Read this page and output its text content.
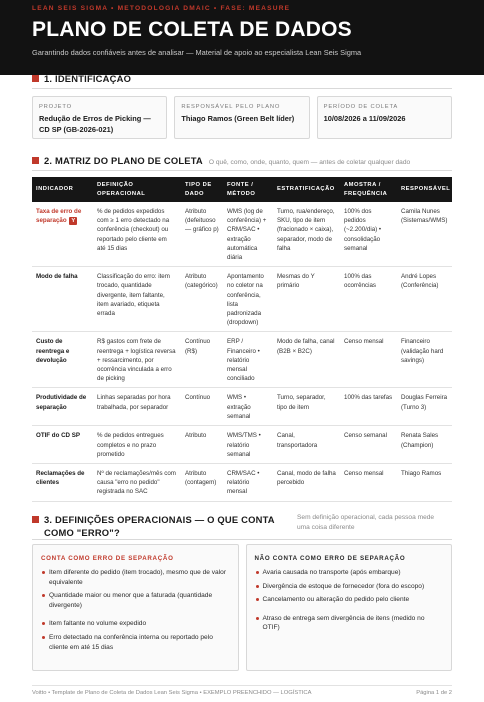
LEAN SEIS SIGMA • METODOLOGIA DMAIC • FASE: MEASURE
PLANO DE COLETA DE DADOS
Garantindo dados confiáveis antes de analisar — Material de apoio ao especialista Lean Seis Sigma
1. IDENTIFICAÇÃO
PROJETO
Redução de Erros de Picking — CD SP (GB-2026-021)
RESPONSÁVEL PELO PLANO
Thiago Ramos (Green Belt líder)
PERÍODO DE COLETA
10/08/2026 a 11/09/2026
2. MATRIZ DO PLANO DE COLETA O quê, como, onde, quanto, quem — antes de coletar qualquer dado
INDICADOR	DEFINIÇÃO OPERACIONAL	TIPO DE DADO	FONTE / MÉTODO	ESTRATIFICAÇÃO	AMOSTRA / FREQUÊNCIA	RESPONSÁVEL
Taxa de erro de separação Y	% de pedidos expedidos com ≥ 1 erro detectado na conferência (checkout) ou reportado pelo cliente em até 15 dias	Atributo (defeituoso — gráfico p)	WMS (log de conferência) + CRM/SAC • extração automática diária	Turno, rua/endereço, SKU, tipo de item (fracionado × caixa), separador, modo de falha	100% dos pedidos (~2.200/dia) • consolidação semanal	Camila Nunes (Sistemas/WMS)
Modo de falha	Classificação do erro: item trocado, quantidade divergente, item faltante, item avariado, etiqueta errada	Atributo (categórico)	Apontamento no coletor na conferência, lista padronizada (dropdown)	Mesmas do Y primário	100% das ocorrências	André Lopes (Conferência)
Custo de reentrega e devolução	R$ gastos com frete de reentrega + logística reversa + ressarcimento, por ocorrência vinculada a erro de picking	Contínuo (R$)	ERP / Financeiro • relatório mensal conciliado	Modo de falha, canal (B2B × B2C)	Censo mensal	Financeiro (validação hard savings)
Produtividade de separação	Linhas separadas por hora trabalhada, por separador	Contínuo	WMS • extração semanal	Turno, separador, tipo de item	100% das tarefas	Douglas Ferreira (Turno 3)
OTIF do CD SP	% de pedidos entregues completos e no prazo prometido	Atributo	WMS/TMS • relatório semanal	Canal, transportadora	Censo semanal	Renata Sales (Champion)
Reclamações de clientes	Nº de reclamações/mês com causa "erro no pedido" registrada no SAC	Atributo (contagem)	CRM/SAC • relatório mensal	Canal, modo de falha percebido	Censo mensal	Thiago Ramos
3. DEFINIÇÕES OPERACIONAIS — O QUE CONTA COMO "ERRO"?
Sem definição operacional, cada pessoa mede uma coisa diferente
CONTA COMO ERRO DE SEPARAÇÃO
Item diferente do pedido (item trocado), mesmo que de valor equivalente
Quantidade maior ou menor que a faturada (quantidade divergente)
Item faltante no volume expedido
Erro detectado na conferência interna ou reportado pelo cliente em até 15 dias
NÃO CONTA COMO ERRO DE SEPARAÇÃO
Avaria causada no transporte (após embarque)
Divergência de estoque de fornecedor (fora do escopo)
Cancelamento ou alteração do pedido pelo cliente
Atraso de entrega sem divergência de itens (medido no OTIF)
Voitto • Template de Plano de Coleta de Dados Lean Seis Sigma • EXEMPLO PREENCHIDO — LOGÍSTICA	Página 1 de 2
